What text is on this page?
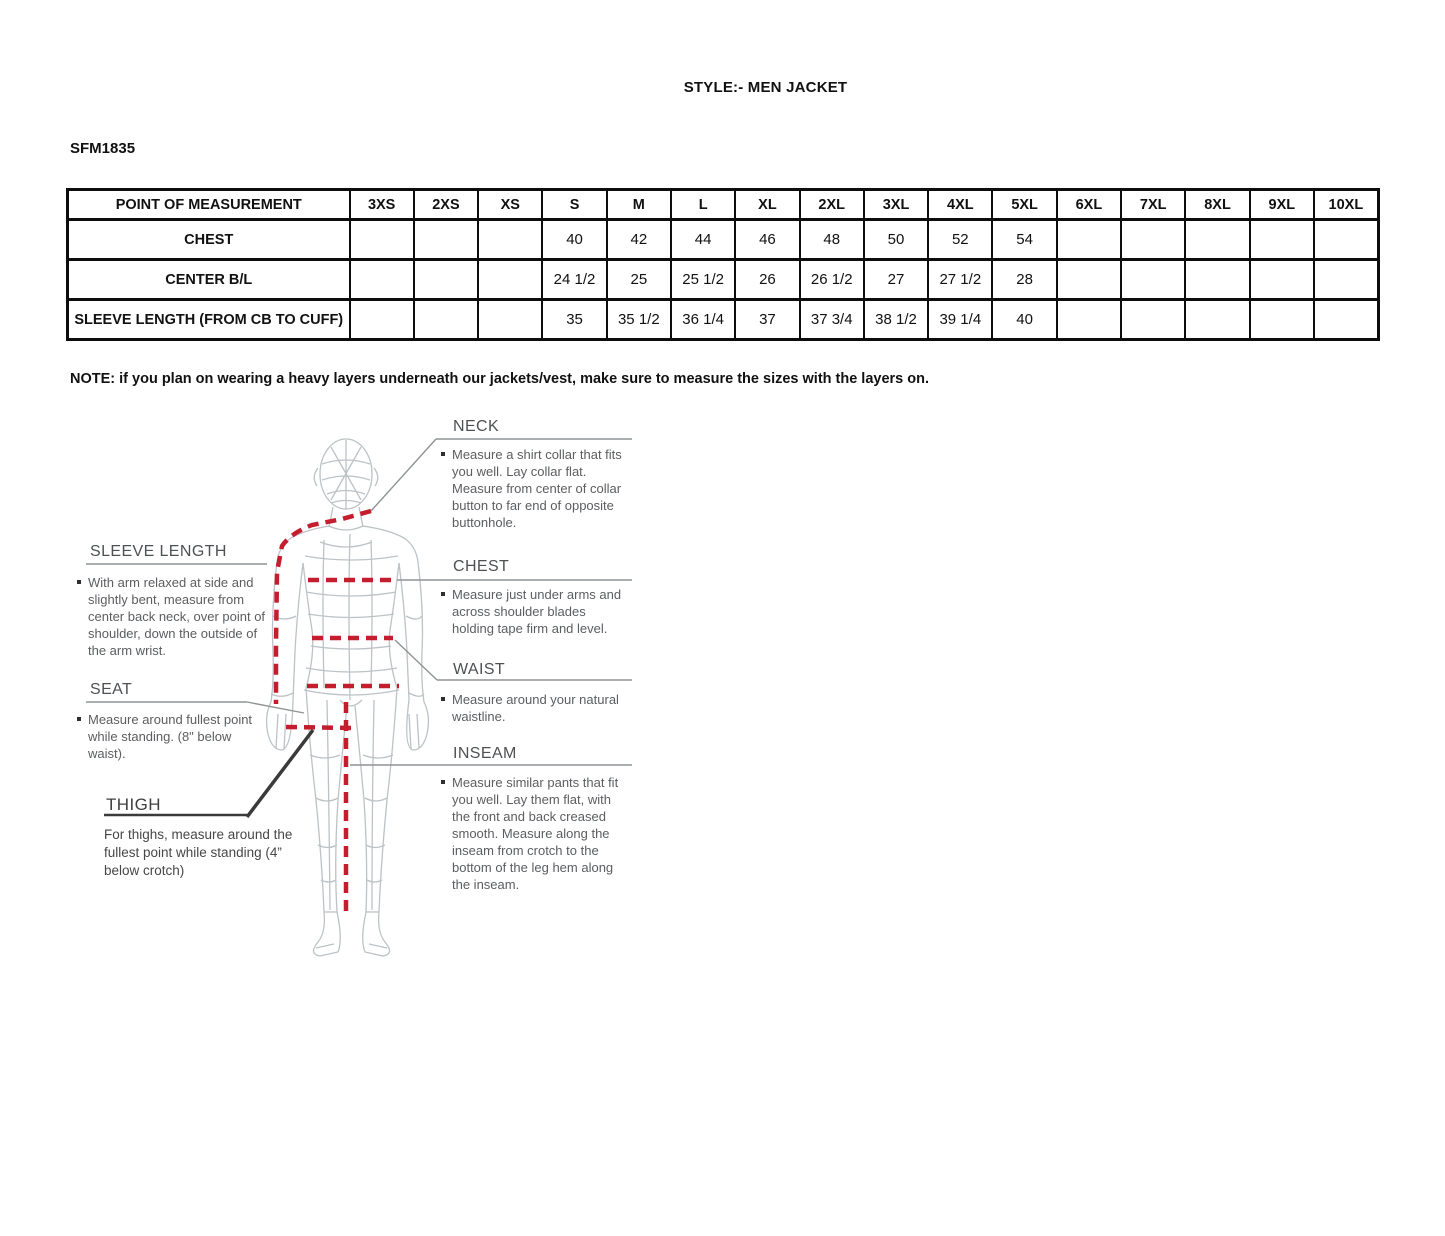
STYLE:- MEN JACKET
SFM1835
POINT OF MEASUREMENT	3XS	2XS	XS	S	M	L	XL	2XL	3XL	4XL	5XL	6XL	7XL	8XL	9XL	10XL
CHEST				40	42	44	46	48	50	52	54					
CENTER B/L				24 1/2	25	25 1/2	26	26 1/2	27	27 1/2	28					
SLEEVE LENGTH (FROM CB TO CUFF)				35	35 1/2	36 1/4	37	37 3/4	38 1/2	39 1/4	40					
NOTE: if you plan on wearing a heavy layers underneath our jackets/vest, make sure to measure the sizes with the layers on.
NECK
Measure a shirt collar that fits you well. Lay collar flat. Measure from center of collar button to far end of opposite buttonhole.
SLEEVE LENGTH
With arm relaxed at side and slightly bent, measure from center back neck, over point of shoulder, down the outside of the arm wrist.
CHEST
Measure just under arms and across shoulder blades holding tape firm and level.
SEAT
Measure around fullest point while standing. (8" below waist).
WAIST
Measure around your natural waistline.
THIGH
For thighs, measure around the fullest point while standing (4” below crotch)
INSEAM
Measure similar pants that fit you well. Lay them flat, with the front and back creased smooth. Measure along the inseam from crotch to the bottom of the leg hem along the inseam.
